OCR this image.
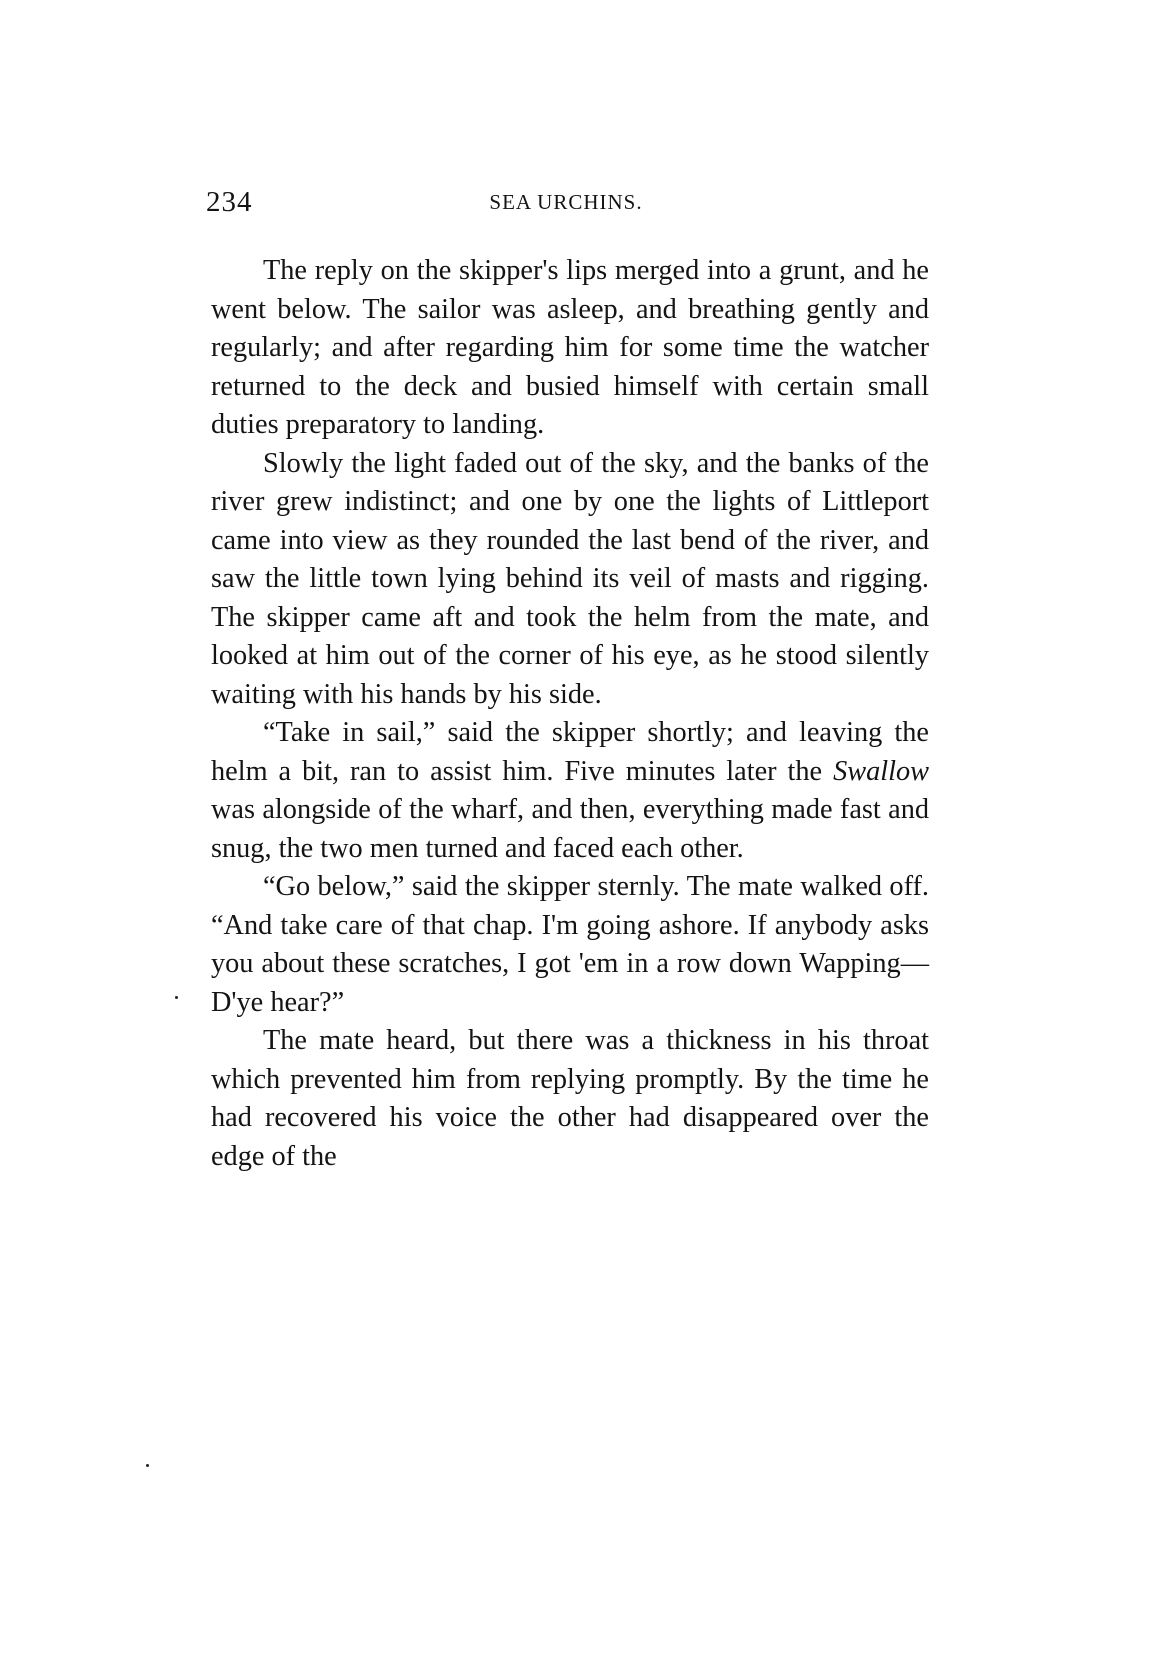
234	SEA URCHINS.

The reply on the skipper's lips merged into a grunt, and he went below. The sailor was asleep, and breathing gently and regularly; and after regarding him for some time the watcher returned to the deck and busied himself with certain small duties preparatory to landing.

Slowly the light faded out of the sky, and the banks of the river grew indistinct; and one by one the lights of Littleport came into view as they rounded the last bend of the river, and saw the little town lying behind its veil of masts and rigging. The skipper came aft and took the helm from the mate, and looked at him out of the corner of his eye, as he stood silently waiting with his hands by his side.

“Take in sail,” said the skipper shortly; and leaving the helm a bit, ran to assist him. Five minutes later the Swallow was alongside of the wharf, and then, everything made fast and snug, the two men turned and faced each other.

“Go below,” said the skipper sternly. The mate walked off. “And take care of that chap. I'm going ashore. If anybody asks you about these scratches, I got 'em in a row down Wapping—D'ye hear?”

The mate heard, but there was a thickness in his throat which prevented him from replying promptly. By the time he had recovered his voice the other had disappeared over the edge of the
